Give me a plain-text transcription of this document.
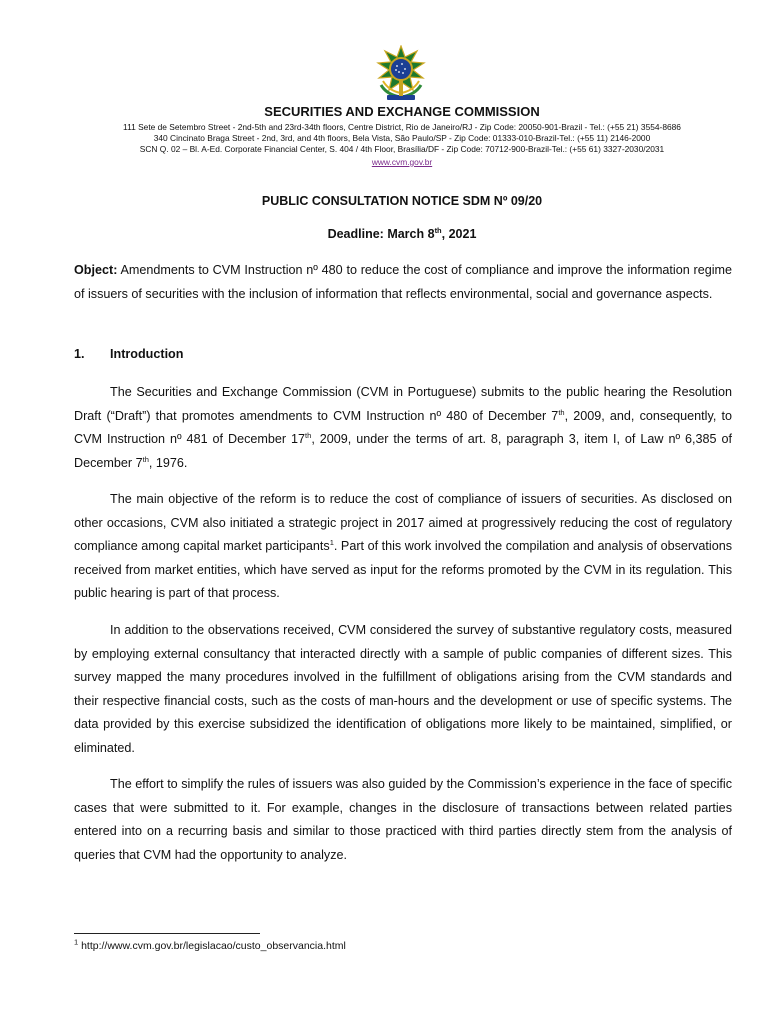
SECURITIES AND EXCHANGE COMMISSION
111 Sete de Setembro Street - 2nd-5th and 23rd-34th floors, Centre District, Rio de Janeiro/RJ - Zip Code: 20050-901-Brazil - Tel.: (+55 21) 3554-8686
340 Cincinato Braga Street - 2nd, 3rd, and 4th floors, Bela Vista, São Paulo/SP - Zip Code: 01333-010-Brazil-Tel.: (+55 11) 2146-2000
SCN Q. 02 – Bl. A-Ed. Corporate Financial Center, S. 404 / 4th Floor, Brasília/DF - Zip Code: 70712-900-Brazil-Tel.: (+55 61) 3327-2030/2031
www.cvm.gov.br
PUBLIC CONSULTATION NOTICE SDM Nº 09/20
Deadline: March 8th, 2021

Object: Amendments to CVM Instruction nº 480 to reduce the cost of compliance and improve the information regime of issuers of securities with the inclusion of information that reflects environmental, social and governance aspects.

1. Introduction

The Securities and Exchange Commission (CVM in Portuguese) submits to the public hearing the Resolution Draft (“Draft”) that promotes amendments to CVM Instruction nº 480 of December 7th, 2009, and, consequently, to CVM Instruction nº 481 of December 17th, 2009, under the terms of art. 8, paragraph 3, item I, of Law nº 6,385 of December 7th, 1976.

The main objective of the reform is to reduce the cost of compliance of issuers of securities. As disclosed on other occasions, CVM also initiated a strategic project in 2017 aimed at progressively reducing the cost of regulatory compliance among capital market participants$^1$. Part of this work involved the compilation and analysis of observations received from market entities, which have served as input for the reforms promoted by the CVM in its regulation. This public hearing is part of that process.

In addition to the observations received, CVM considered the survey of substantive regulatory costs, measured by employing external consultancy that interacted directly with a sample of public companies of different sizes. This survey mapped the many procedures involved in the fulfillment of obligations arising from the CVM standards and their respective financial costs, such as the costs of man-hours and the development or use of specific systems. The data provided by this exercise subsidized the identification of obligations more likely to be maintained, simplified, or eliminated.

The effort to simplify the rules of issuers was also guided by the Commission’s experience in the face of specific cases that were submitted to it. For example, changes in the disclosure of transactions between related parties entered into on a recurring basis and similar to those practiced with third parties directly stem from the analysis of queries that CVM had the opportunity to analyze.

$^1$ http://www.cvm.gov.br/legislacao/custo_observancia.html
